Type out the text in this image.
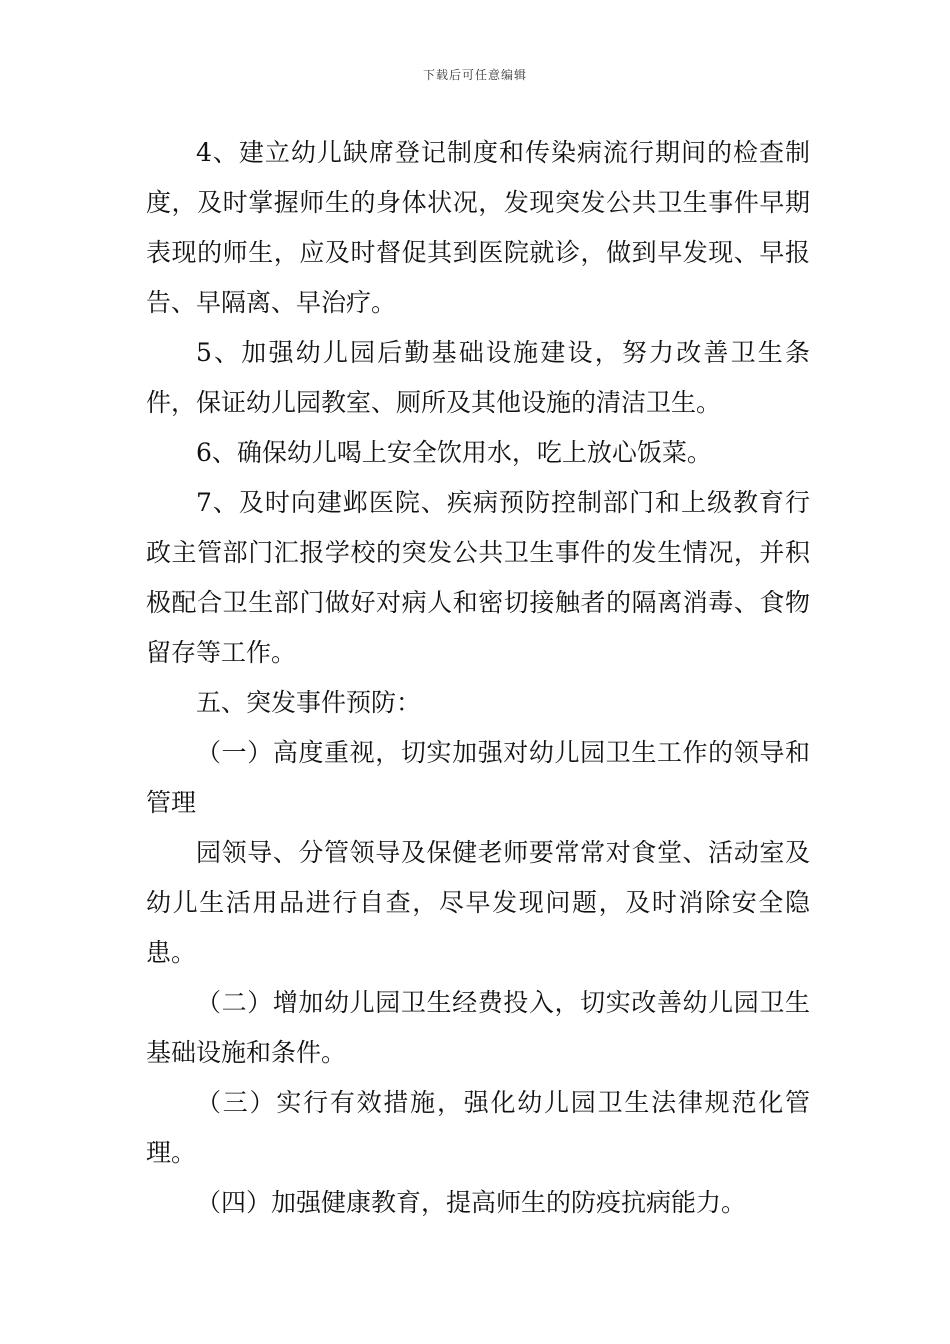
下载后可任意编辑

4、建立幼儿缺席登记制度和传染病流行期间的检查制度，及时掌握师生的身体状况，发现突发公共卫生事件早期表现的师生，应及时督促其到医院就诊，做到早发现、早报告、早隔离、早治疗。

5、加强幼儿园后勤基础设施建设，努力改善卫生条件，保证幼儿园教室、厕所及其他设施的清洁卫生。

6、确保幼儿喝上安全饮用水，吃上放心饭菜。

7、及时向建邺医院、疾病预防控制部门和上级教育行政主管部门汇报学校的突发公共卫生事件的发生情况，并积极配合卫生部门做好对病人和密切接触者的隔离消毒、食物留存等工作。

五、突发事件预防：

（一）高度重视，切实加强对幼儿园卫生工作的领导和管理

园领导、分管领导及保健老师要常常对食堂、活动室及幼儿生活用品进行自查，尽早发现问题，及时消除安全隐患。

（二）增加幼儿园卫生经费投入，切实改善幼儿园卫生基础设施和条件。

（三）实行有效措施，强化幼儿园卫生法律规范化管理。

（四）加强健康教育，提高师生的防疫抗病能力。
